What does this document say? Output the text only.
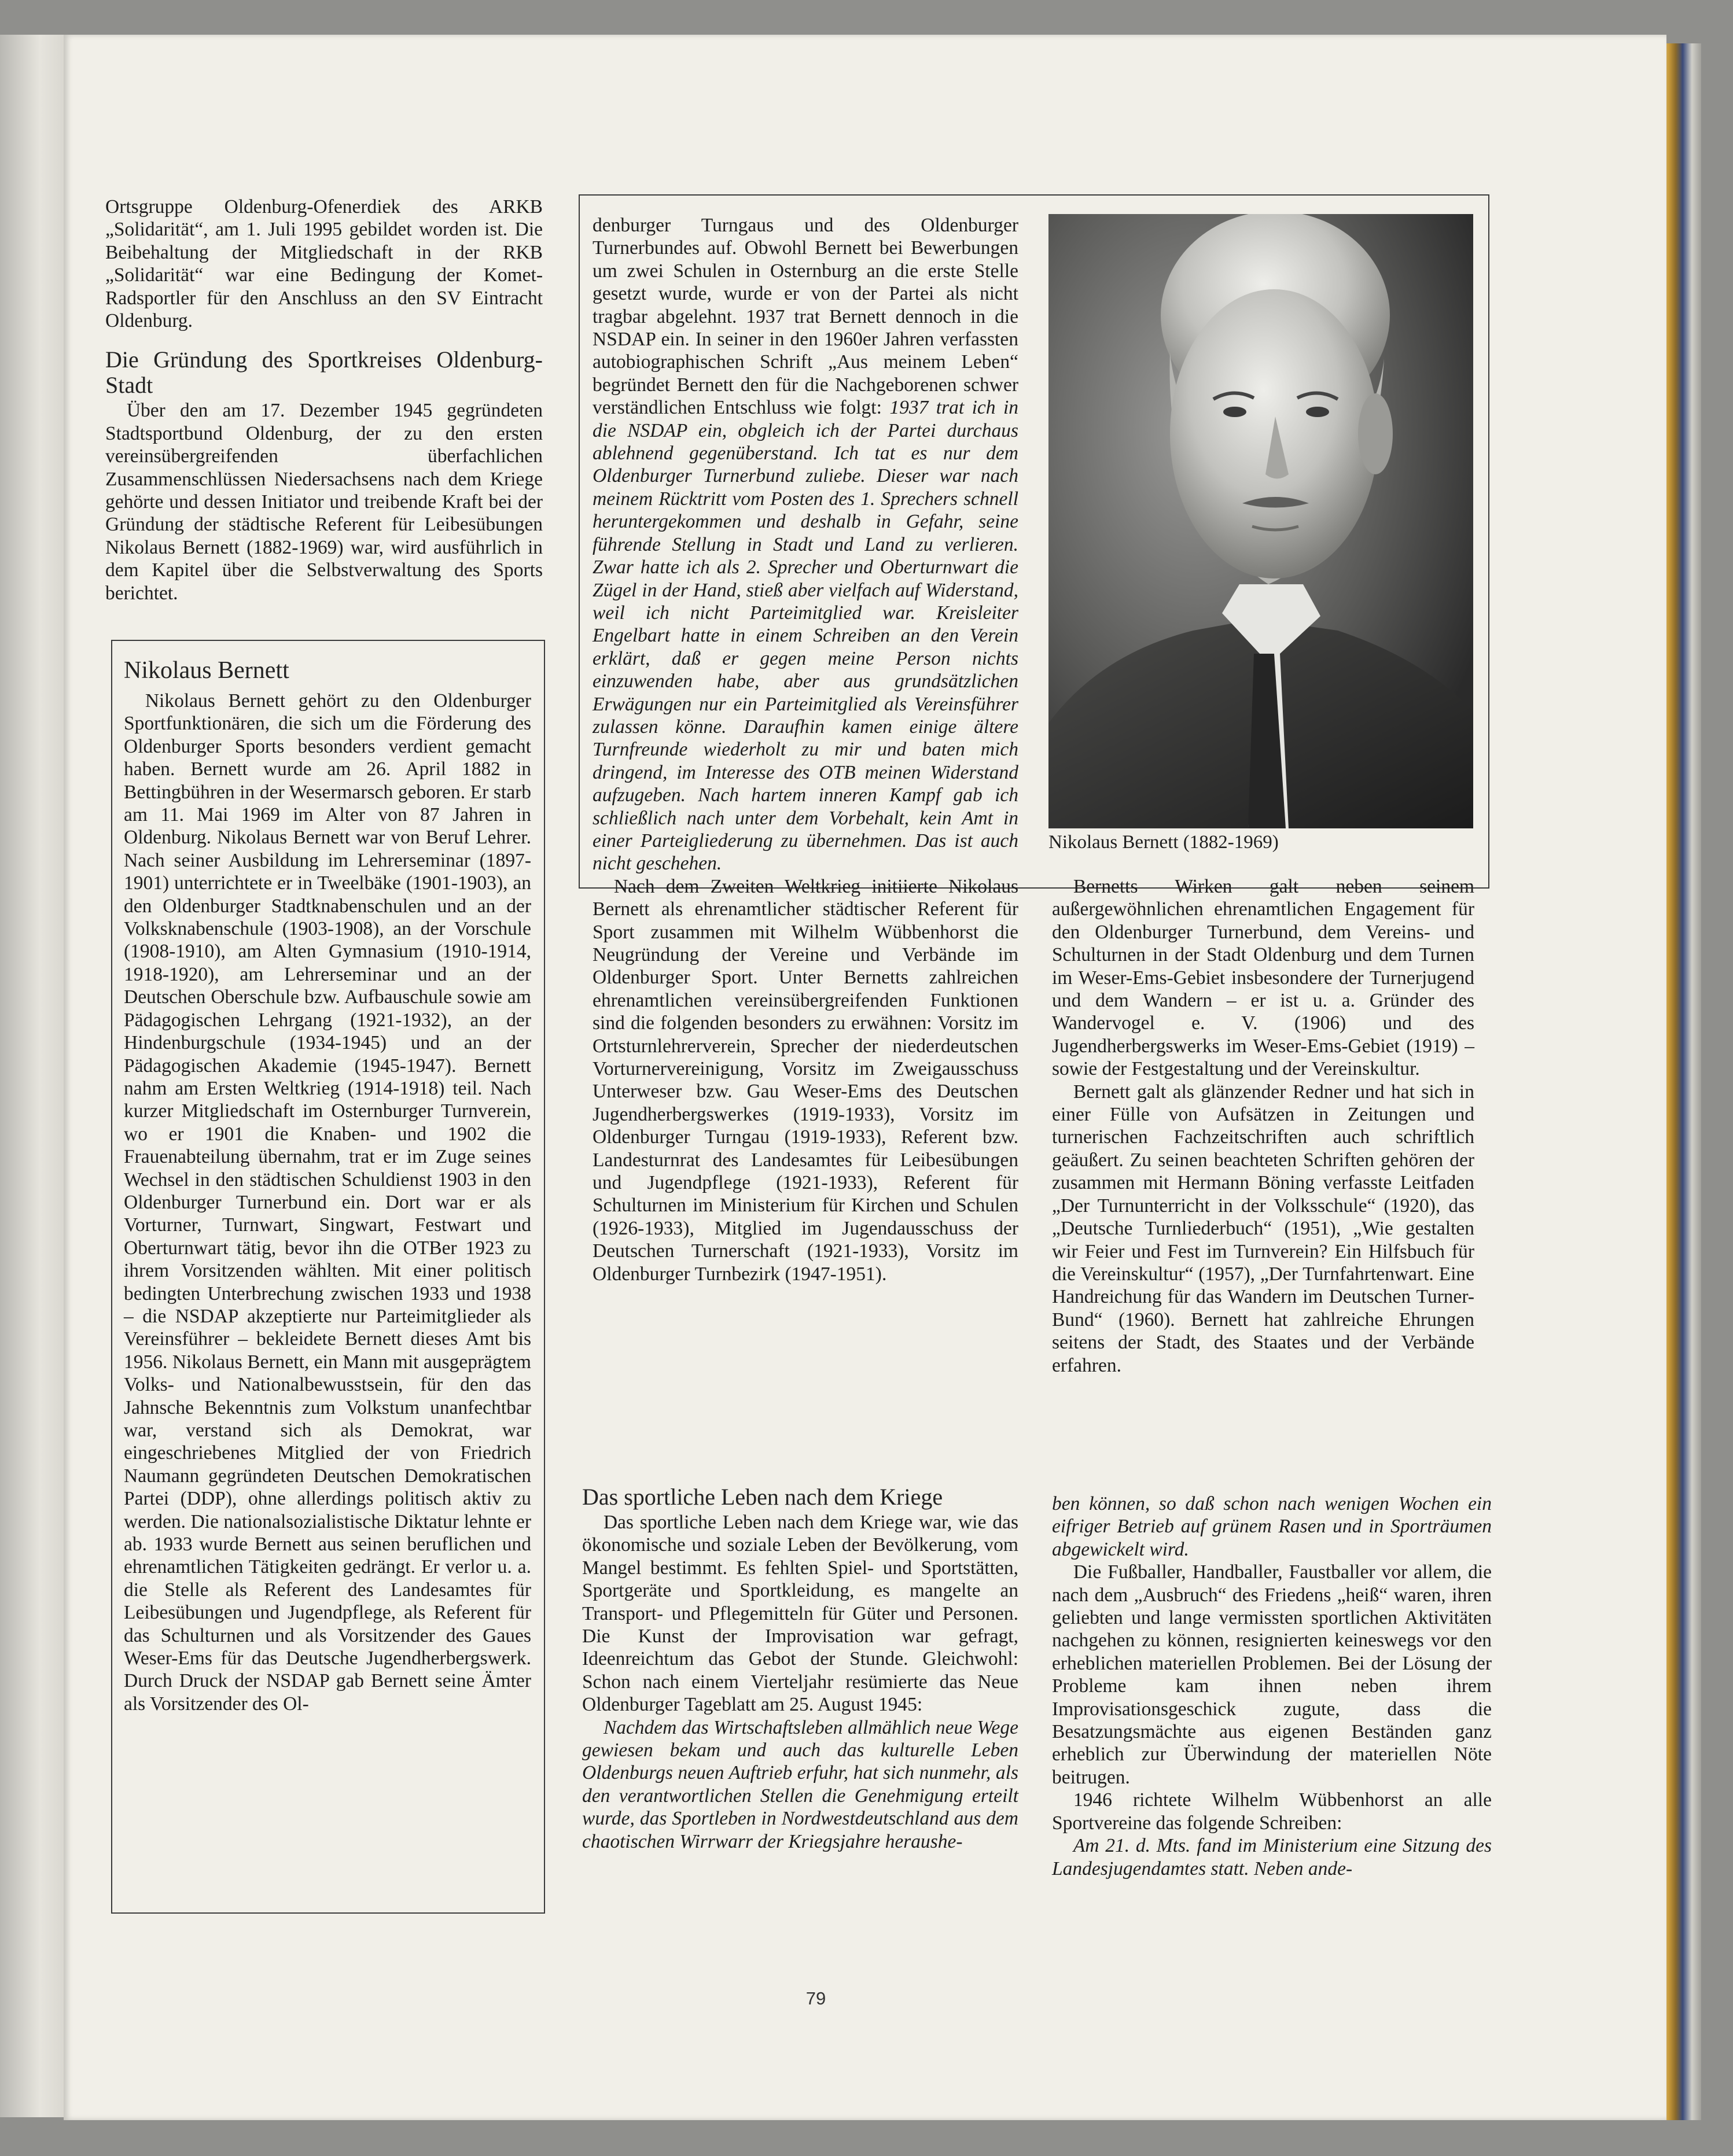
Ortsgruppe Oldenburg-Ofenerdiek des ARKB „Solidarität“, am 1. Juli 1995 gebildet worden ist. Die Beibehaltung der Mitgliedschaft in der RKB „Solidarität“ war eine Bedingung der Komet-Radsportler für den Anschluss an den SV Eintracht Oldenburg.

Die Gründung des Sportkreises Oldenburg-Stadt

Über den am 17. Dezember 1945 gegründeten Stadtsportbund Oldenburg, der zu den ersten vereinsübergreifenden überfachlichen Zusammenschlüssen Niedersachsens nach dem Kriege gehörte und dessen Initiator und treibende Kraft bei der Gründung der städtische Referent für Leibesübungen Nikolaus Bernett (1882-1969) war, wird ausführlich in dem Kapitel über die Selbstverwaltung des Sports berichtet.

Nikolaus Bernett

Nikolaus Bernett gehört zu den Oldenburger Sportfunktionären, die sich um die Förderung des Oldenburger Sports besonders verdient gemacht haben. Bernett wurde am 26. April 1882 in Bettingbühren in der Wesermarsch geboren. Er starb am 11. Mai 1969 im Alter von 87 Jahren in Oldenburg. Nikolaus Bernett war von Beruf Lehrer. Nach seiner Ausbildung im Lehrerseminar (1897-1901) unterrichtete er in Tweelbäke (1901-1903), an den Oldenburger Stadtknabenschulen und an der Volksknabenschule (1903-1908), an der Vorschule (1908-1910), am Alten Gymnasium (1910-1914, 1918-1920), am Lehrerseminar und an der Deutschen Oberschule bzw. Aufbauschule sowie am Pädagogischen Lehrgang (1921-1932), an der Hindenburgschule (1934-1945) und an der Pädagogischen Akademie (1945-1947). Bernett nahm am Ersten Weltkrieg (1914-1918) teil. Nach kurzer Mitgliedschaft im Osternburger Turnverein, wo er 1901 die Knaben- und 1902 die Frauenabteilung übernahm, trat er im Zuge seines Wechsel in den städtischen Schuldienst 1903 in den Oldenburger Turnerbund ein. Dort war er als Vorturner, Turnwart, Singwart, Festwart und Oberturnwart tätig, bevor ihn die OTBer 1923 zu ihrem Vorsitzenden wählten. Mit einer politisch bedingten Unterbrechung zwischen 1933 und 1938 – die NSDAP akzeptierte nur Parteimitglieder als Vereinsführer – bekleidete Bernett dieses Amt bis 1956. Nikolaus Bernett, ein Mann mit ausgeprägtem Volks- und Nationalbewusstsein, für den das Jahnsche Bekenntnis zum Volkstum unanfechtbar war, verstand sich als Demokrat, war eingeschriebenes Mitglied der von Friedrich Naumann gegründeten Deutschen Demokratischen Partei (DDP), ohne allerdings politisch aktiv zu werden. Die nationalsozialistische Diktatur lehnte er ab. 1933 wurde Bernett aus seinen beruflichen und ehrenamtlichen Tätigkeiten gedrängt. Er verlor u. a. die Stelle als Referent des Landesamtes für Leibesübungen und Jugendpflege, als Referent für das Schulturnen und als Vorsitzender des Gaues Weser-Ems für das Deutsche Jugendherbergswerk. Durch Druck der NSDAP gab Bernett seine Ämter als Vorsitzender des Ol-

denburger Turngaus und des Oldenburger Turnerbundes auf. Obwohl Bernett bei Bewerbungen um zwei Schulen in Osternburg an die erste Stelle gesetzt wurde, wurde er von der Partei als nicht tragbar abgelehnt. 1937 trat Bernett dennoch in die NSDAP ein. In seiner in den 1960er Jahren verfassten autobiographischen Schrift „Aus meinem Leben“ begründet Bernett den für die Nachgeborenen schwer verständlichen Entschluss wie folgt: 1937 trat ich in die NSDAP ein, obgleich ich der Partei durchaus ablehnend gegenüberstand. Ich tat es nur dem Oldenburger Turnerbund zuliebe. Dieser war nach meinem Rücktritt vom Posten des 1. Sprechers schnell heruntergekommen und deshalb in Gefahr, seine führende Stellung in Stadt und Land zu verlieren. Zwar hatte ich als 2. Sprecher und Oberturnwart die Zügel in der Hand, stieß aber vielfach auf Widerstand, weil ich nicht Parteimitglied war. Kreisleiter Engelbart hatte in einem Schreiben an den Verein erklärt, daß er gegen meine Person nichts einzuwenden habe, aber aus grundsätzlichen Erwägungen nur ein Parteimitglied als Vereinsführer zulassen könne. Daraufhin kamen einige ältere Turnfreunde wiederholt zu mir und baten mich dringend, im Interesse des OTB meinen Widerstand aufzugeben. Nach hartem inneren Kampf gab ich schließlich nach unter dem Vorbehalt, kein Amt in einer Parteigliederung zu übernehmen. Das ist auch nicht geschehen.

Nach dem Zweiten Weltkrieg initiierte Nikolaus Bernett als ehrenamtlicher städtischer Referent für Sport zusammen mit Wilhelm Wübbenhorst die Neugründung der Vereine und Verbände im Oldenburger Sport. Unter Bernetts zahlreichen ehrenamtlichen vereinsübergreifenden Funktionen sind die folgenden besonders zu erwähnen: Vorsitz im Ortsturnlehrerverein, Sprecher der niederdeutschen Vorturnervereinigung, Vorsitz im Zweigausschuss Unterweser bzw. Gau Weser-Ems des Deutschen Jugendherbergswerkes (1919-1933), Vorsitz im Oldenburger Turngau (1919-1933), Referent bzw. Landesturnrat des Landesamtes für Leibesübungen und Jugendpflege (1921-1933), Referent für Schulturnen im Ministerium für Kirchen und Schulen (1926-1933), Mitglied im Jugendausschuss der Deutschen Turnerschaft (1921-1933), Vorsitz im Oldenburger Turnbezirk (1947-1951).

Nikolaus Bernett (1882-1969)

Bernetts Wirken galt neben seinem außergewöhnlichen ehrenamtlichen Engagement für den Oldenburger Turnerbund, dem Vereins- und Schulturnen in der Stadt Oldenburg und dem Turnen im Weser-Ems-Gebiet insbesondere der Turnerjugend und dem Wandern – er ist u. a. Gründer des Wandervogel e. V. (1906) und des Jugendherbergswerks im Weser-Ems-Gebiet (1919) – sowie der Festgestaltung und der Vereinskultur.

Bernett galt als glänzender Redner und hat sich in einer Fülle von Aufsätzen in Zeitungen und turnerischen Fachzeitschriften auch schriftlich geäußert. Zu seinen beachteten Schriften gehören der zusammen mit Hermann Böning verfasste Leitfaden „Der Turnunterricht in der Volksschule“ (1920), das „Deutsche Turnliederbuch“ (1951), „Wie gestalten wir Feier und Fest im Turnverein? Ein Hilfsbuch für die Vereinskultur“ (1957), „Der Turnfahrtenwart. Eine Handreichung für das Wandern im Deutschen Turner-Bund“ (1960). Bernett hat zahlreiche Ehrungen seitens der Stadt, des Staates und der Verbände erfahren.

Das sportliche Leben nach dem Kriege

Das sportliche Leben nach dem Kriege war, wie das ökonomische und soziale Leben der Bevölkerung, vom Mangel bestimmt. Es fehlten Spiel- und Sportstätten, Sportgeräte und Sportkleidung, es mangelte an Transport- und Pflegemitteln für Güter und Personen. Die Kunst der Improvisation war gefragt, Ideenreichtum das Gebot der Stunde. Gleichwohl: Schon nach einem Vierteljahr resümierte das Neue Oldenburger Tageblatt am 25. August 1945:

Nachdem das Wirtschaftsleben allmählich neue Wege gewiesen bekam und auch das kulturelle Leben Oldenburgs neuen Auftrieb erfuhr, hat sich nunmehr, als den verantwortlichen Stellen die Genehmigung erteilt wurde, das Sportleben in Nordwestdeutschland aus dem chaotischen Wirrwarr der Kriegsjahre heraushe-

ben können, so daß schon nach wenigen Wochen ein eifriger Betrieb auf grünem Rasen und in Sporträumen abgewickelt wird.

Die Fußballer, Handballer, Faustballer vor allem, die nach dem „Ausbruch“ des Friedens „heiß“ waren, ihren geliebten und lange vermissten sportlichen Aktivitäten nachgehen zu können, resignierten keineswegs vor den erheblichen materiellen Problemen. Bei der Lösung der Probleme kam ihnen neben ihrem Improvisationsgeschick zugute, dass die Besatzungsmächte aus eigenen Beständen ganz erheblich zur Überwindung der materiellen Nöte beitrugen.

1946 richtete Wilhelm Wübbenhorst an alle Sportvereine das folgende Schreiben:

Am 21. d. Mts. fand im Ministerium eine Sitzung des Landesjugendamtes statt. Neben ande-

79
